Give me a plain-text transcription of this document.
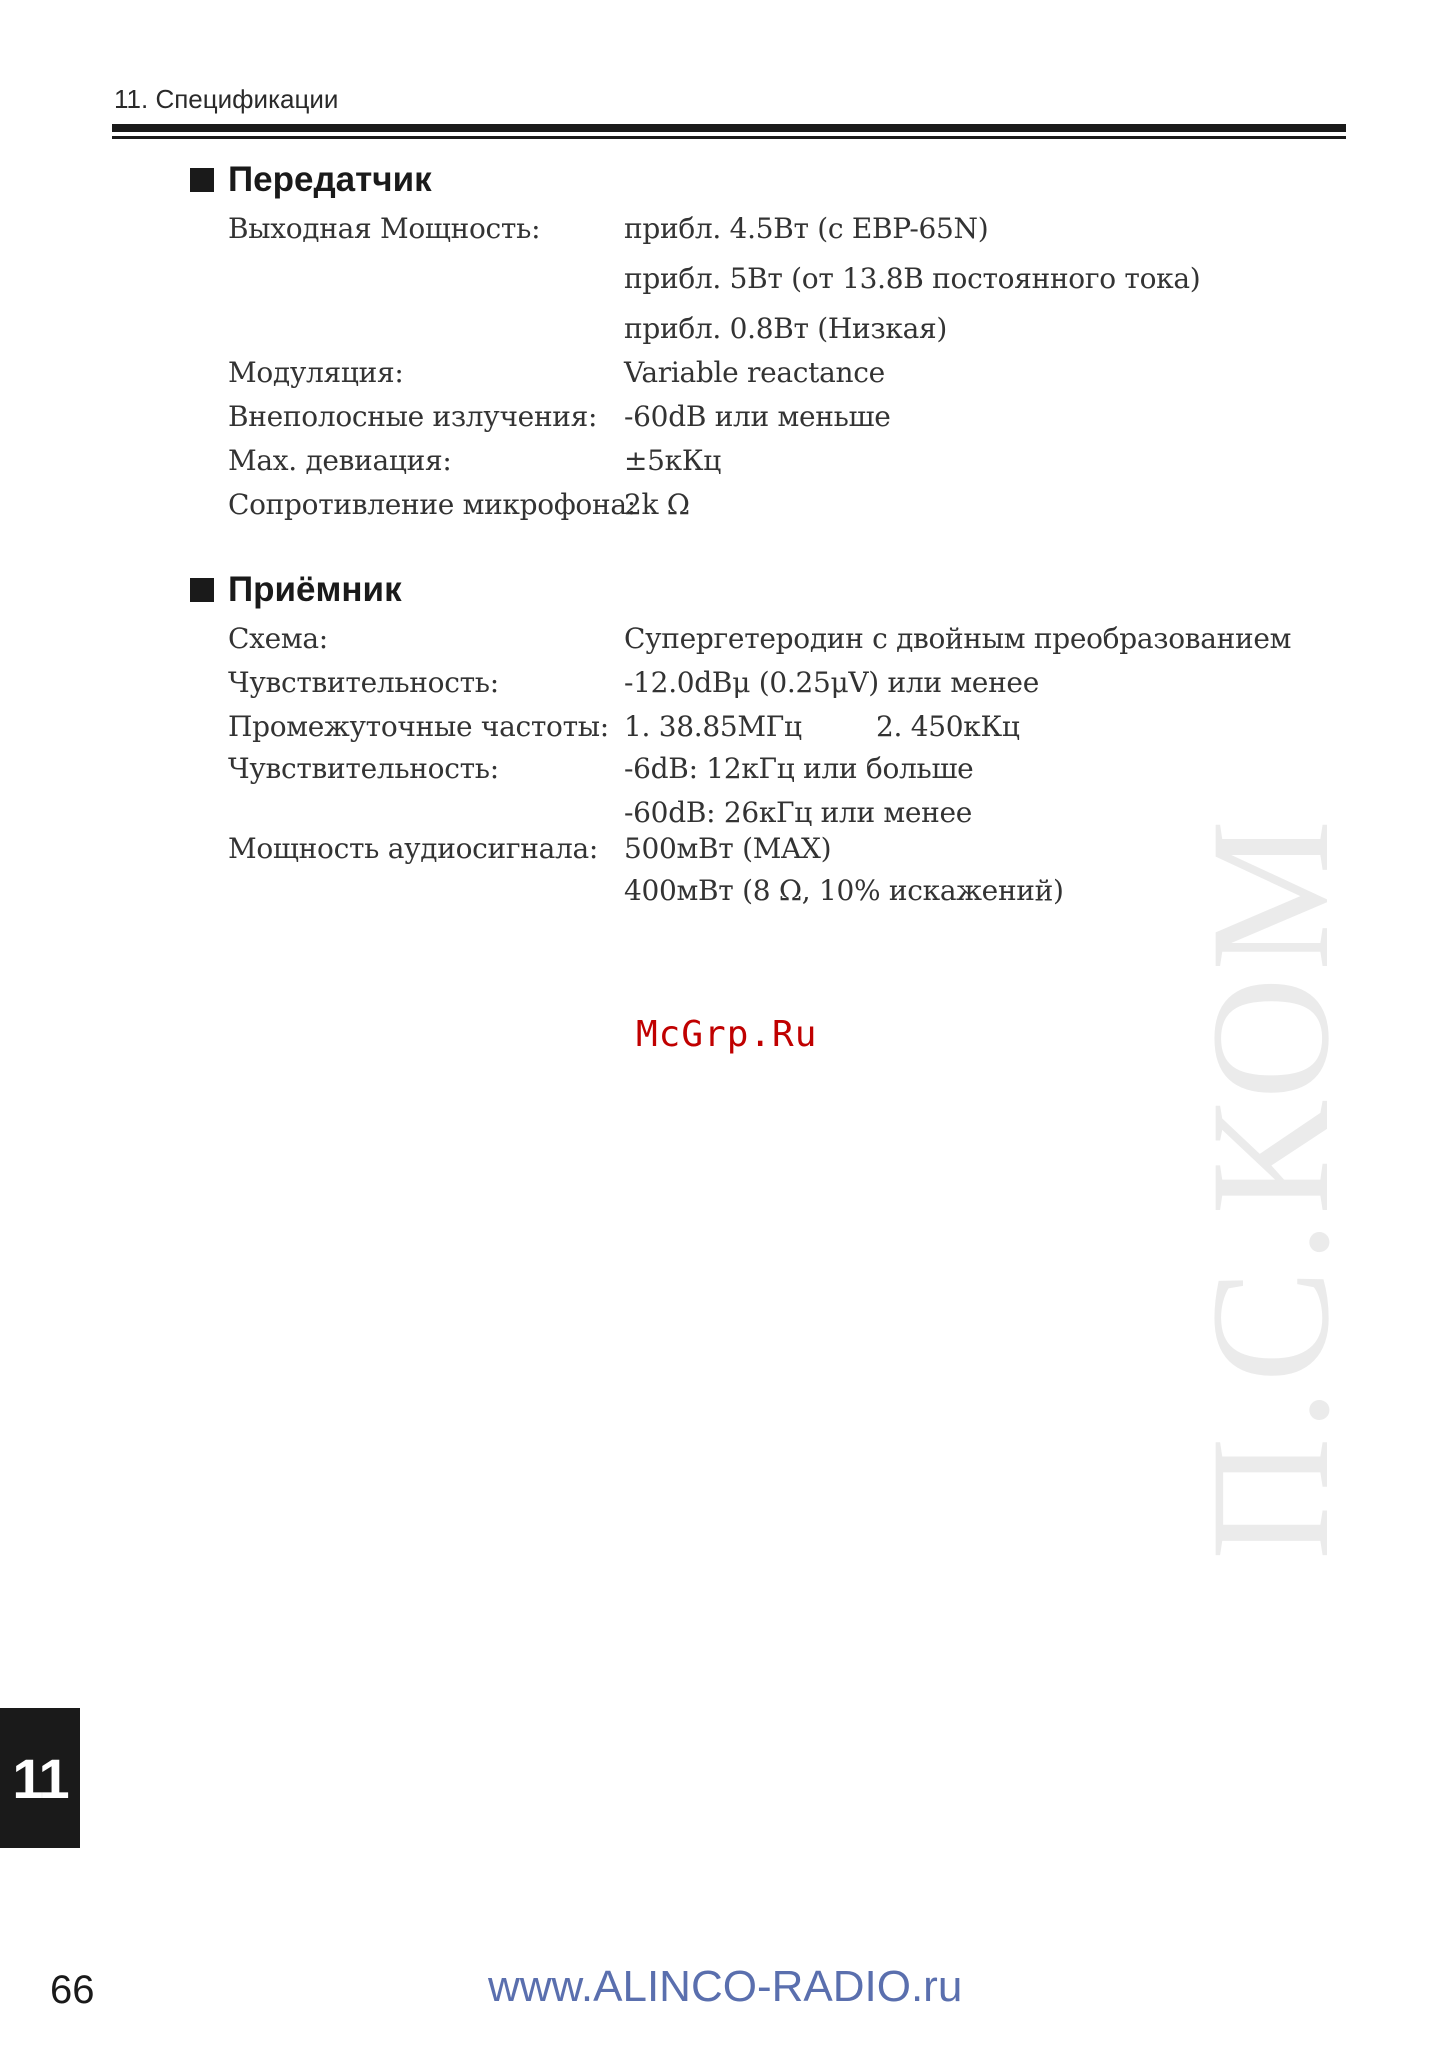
11. Спецификации
П.С.КОМ
Передатчик
Выходная Мощность:	прибл. 4.5Вт (с EBP-65N)
прибл. 5Вт (от 13.8В постоянного тока)
прибл. 0.8Вт (Низкая)
Модуляция:	Variable reactance
Внеполосные излучения: -60dB или меньше
Max. девиация:	±5кКц
Сопротивление микрофона:
2k Ω
Приёмник
Схема:	Супергетеродин с двойным преобразованием
Чувствительность:	-12.0dBμ (0.25μV) или менее
Промежуточные частоты: 1. 38.85МГц	2. 450кКц
Чувствительность:	-6dB: 12кГц или больше
-60dB: 26кГц или менее
Мощность аудиосигнала: 500мВт (MAX)
400мВт (8 Ω, 10% искажений)
McGrp.Ru
11
66	www.ALINCO-RADIO.ru
